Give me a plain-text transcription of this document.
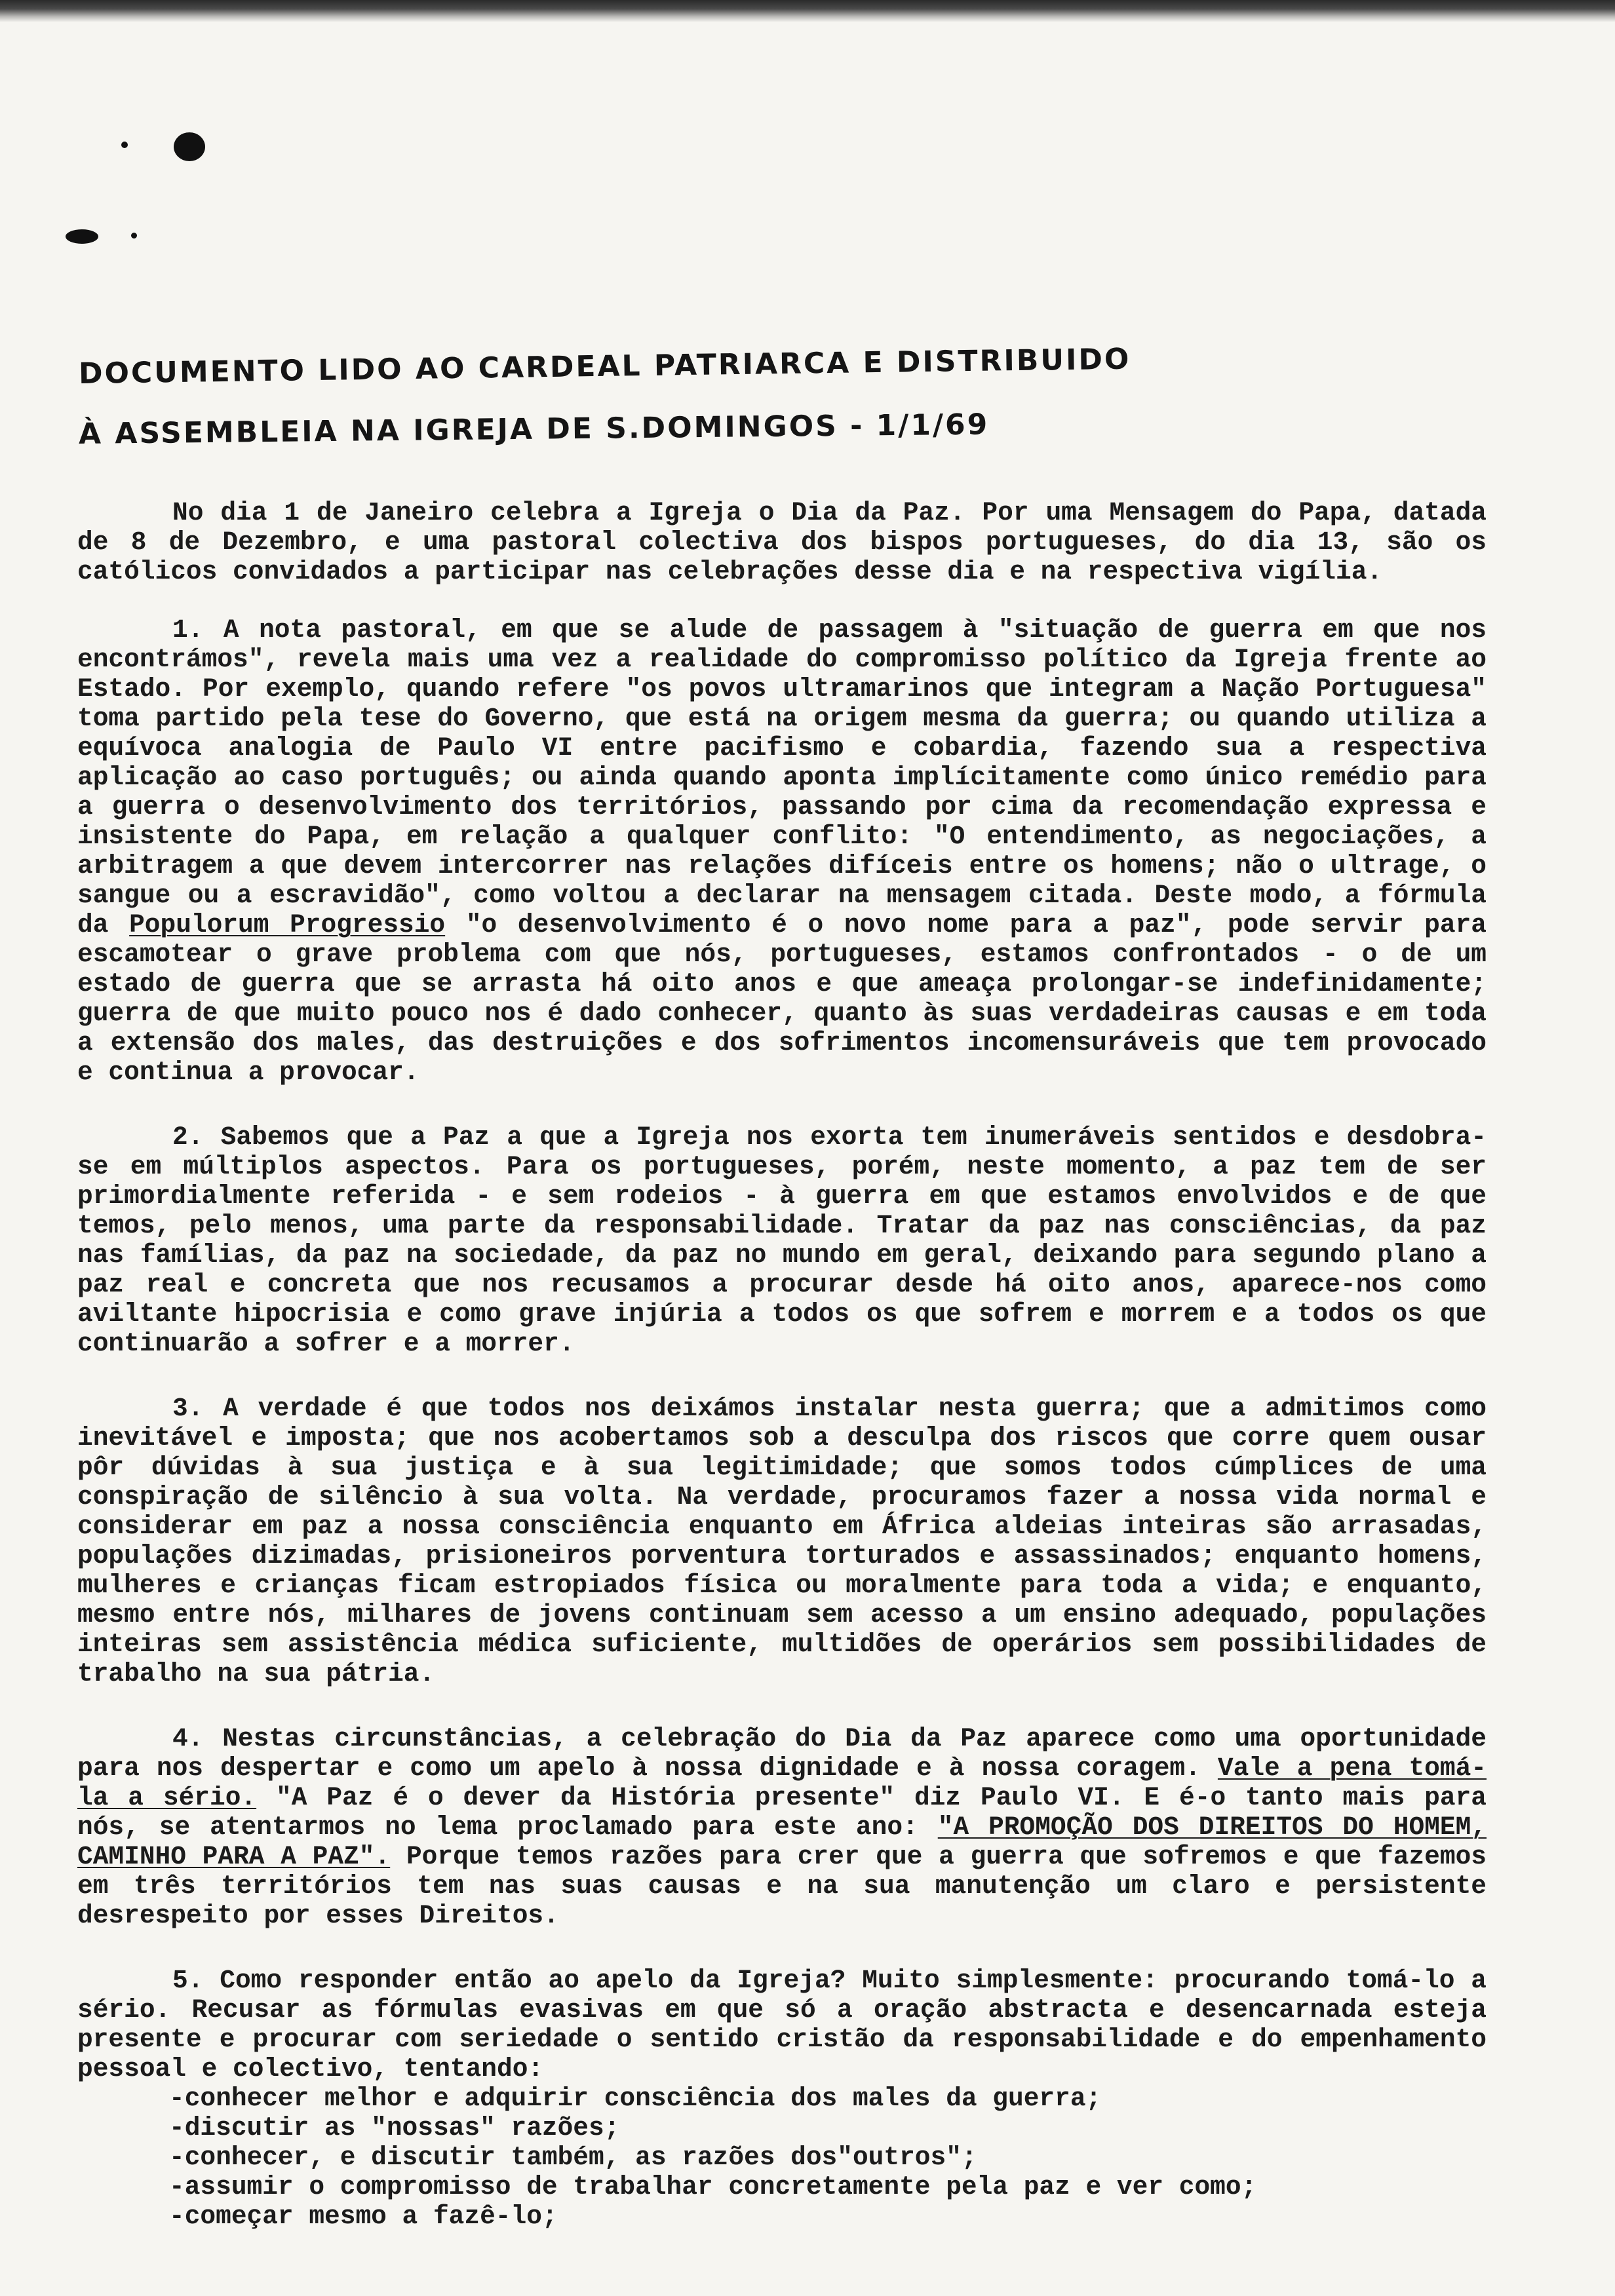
DOCUMENTO LIDO AO CARDEAL PATRIARCA E DISTRIBUIDO
À ASSEMBLEIA NA IGREJA DE S.DOMINGOS - 1/1/69

No dia 1 de Janeiro celebra a Igreja o Dia da Paz. Por uma Mensagem do Papa, datada de 8 de Dezembro, e uma pastoral colectiva dos bispos portugueses, do dia 13, são os católicos convidados a participar nas celebrações desse dia e na respectiva vigília.

1. A nota pastoral, em que se alude de passagem à "situação de guerra em que nos encontrámos", revela mais uma vez a realidade do compromisso político da Igreja frente ao Estado. Por exemplo, quando refere "os povos ultramarinos que integram a Nação Portuguesa" toma partido pela tese do Governo, que está na origem mesma da guerra; ou quando utiliza a equívoca analogia de Paulo VI entre pacifismo e cobardia, fazendo sua a respectiva aplicação ao caso português; ou ainda quando aponta implícitamente como único remédio para a guerra o desenvolvimento dos territórios, passando por cima da recomendação expressa e insistente do Papa, em relação a qualquer conflito: "O entendimento, as negociações, a arbitragem a que devem intercorrer nas relações difíceis entre os homens; não o ultrage, o sangue ou a escravidão", como voltou a declarar na mensagem citada. Deste modo, a fórmula da Populorum Progressio "o desenvolvimento é o novo nome para a paz", pode servir para escamotear o grave problema com que nós, portugueses, estamos confrontados - o de um estado de guerra que se arrasta há oito anos e que ameaça prolongar-se indefinidamente; guerra de que muito pouco nos é dado conhecer, quanto às suas verdadeiras causas e em toda a extensão dos males, das destruições e dos sofrimentos incomensuráveis que tem provocado e continua a provocar.

2. Sabemos que a Paz a que a Igreja nos exorta tem inumeráveis sentidos e desdobra-se em múltiplos aspectos. Para os portugueses, porém, neste momento, a paz tem de ser primordialmente referida - e sem rodeios - à guerra em que estamos envolvidos e de que temos, pelo menos, uma parte da responsabilidade. Tratar da paz nas consciências, da paz nas famílias, da paz na sociedade, da paz no mundo em geral, deixando para segundo plano a paz real e concreta que nos recusamos a procurar desde há oito anos, aparece-nos como aviltante hipocrisia e como grave injúria a todos os que sofrem e morrem e a todos os que continuarão a sofrer e a morrer.

3. A verdade é que todos nos deixámos instalar nesta guerra; que a admitimos como inevitável e imposta; que nos acobertamos sob a desculpa dos riscos que corre quem ousar pôr dúvidas à sua justiça e à sua legitimidade; que somos todos cúmplices de uma conspiração de silêncio à sua volta. Na verdade, procuramos fazer a nossa vida normal e considerar em paz a nossa consciência enquanto em África aldeias inteiras são arrasadas, populações dizimadas, prisioneiros porventura torturados e assassinados; enquanto homens, mulheres e crianças ficam estropiados física ou moralmente para toda a vida; e enquanto, mesmo entre nós, milhares de jovens continuam sem acesso a um ensino adequado, populações inteiras sem assistência médica suficiente, multidões de operários sem possibilidades de trabalho na sua pátria.

4. Nestas circunstâncias, a celebração do Dia da Paz aparece como uma oportunidade para nos despertar e como um apelo à nossa dignidade e à nossa coragem. Vale a pena tomá-la a sério. "A Paz é o dever da História presente" diz Paulo VI. E é-o tanto mais para nós, se atentarmos no lema proclamado para este ano: "A PROMOÇÃO DOS DIREITOS DO HOMEM, CAMINHO PARA A PAZ". Porque temos razões para crer que a guerra que sofremos e que fazemos em três territórios tem nas suas causas e na sua manutenção um claro e persistente desrespeito por esses Direitos.

5. Como responder então ao apelo da Igreja? Muito simplesmente: procurando tomá-lo a sério. Recusar as fórmulas evasivas em que só a oração abstracta e desencarnada esteja presente e procurar com seriedade o sentido cristão da responsabilidade e do empenhamento pessoal e colectivo, tentando:

-conhecer melhor e adquirir consciência dos males da guerra;
-discutir as "nossas" razões;
-conhecer, e discutir também, as razões dos"outros";
-assumir o compromisso de trabalhar concretamente pela paz e ver como;
-começar mesmo a fazê-lo;
